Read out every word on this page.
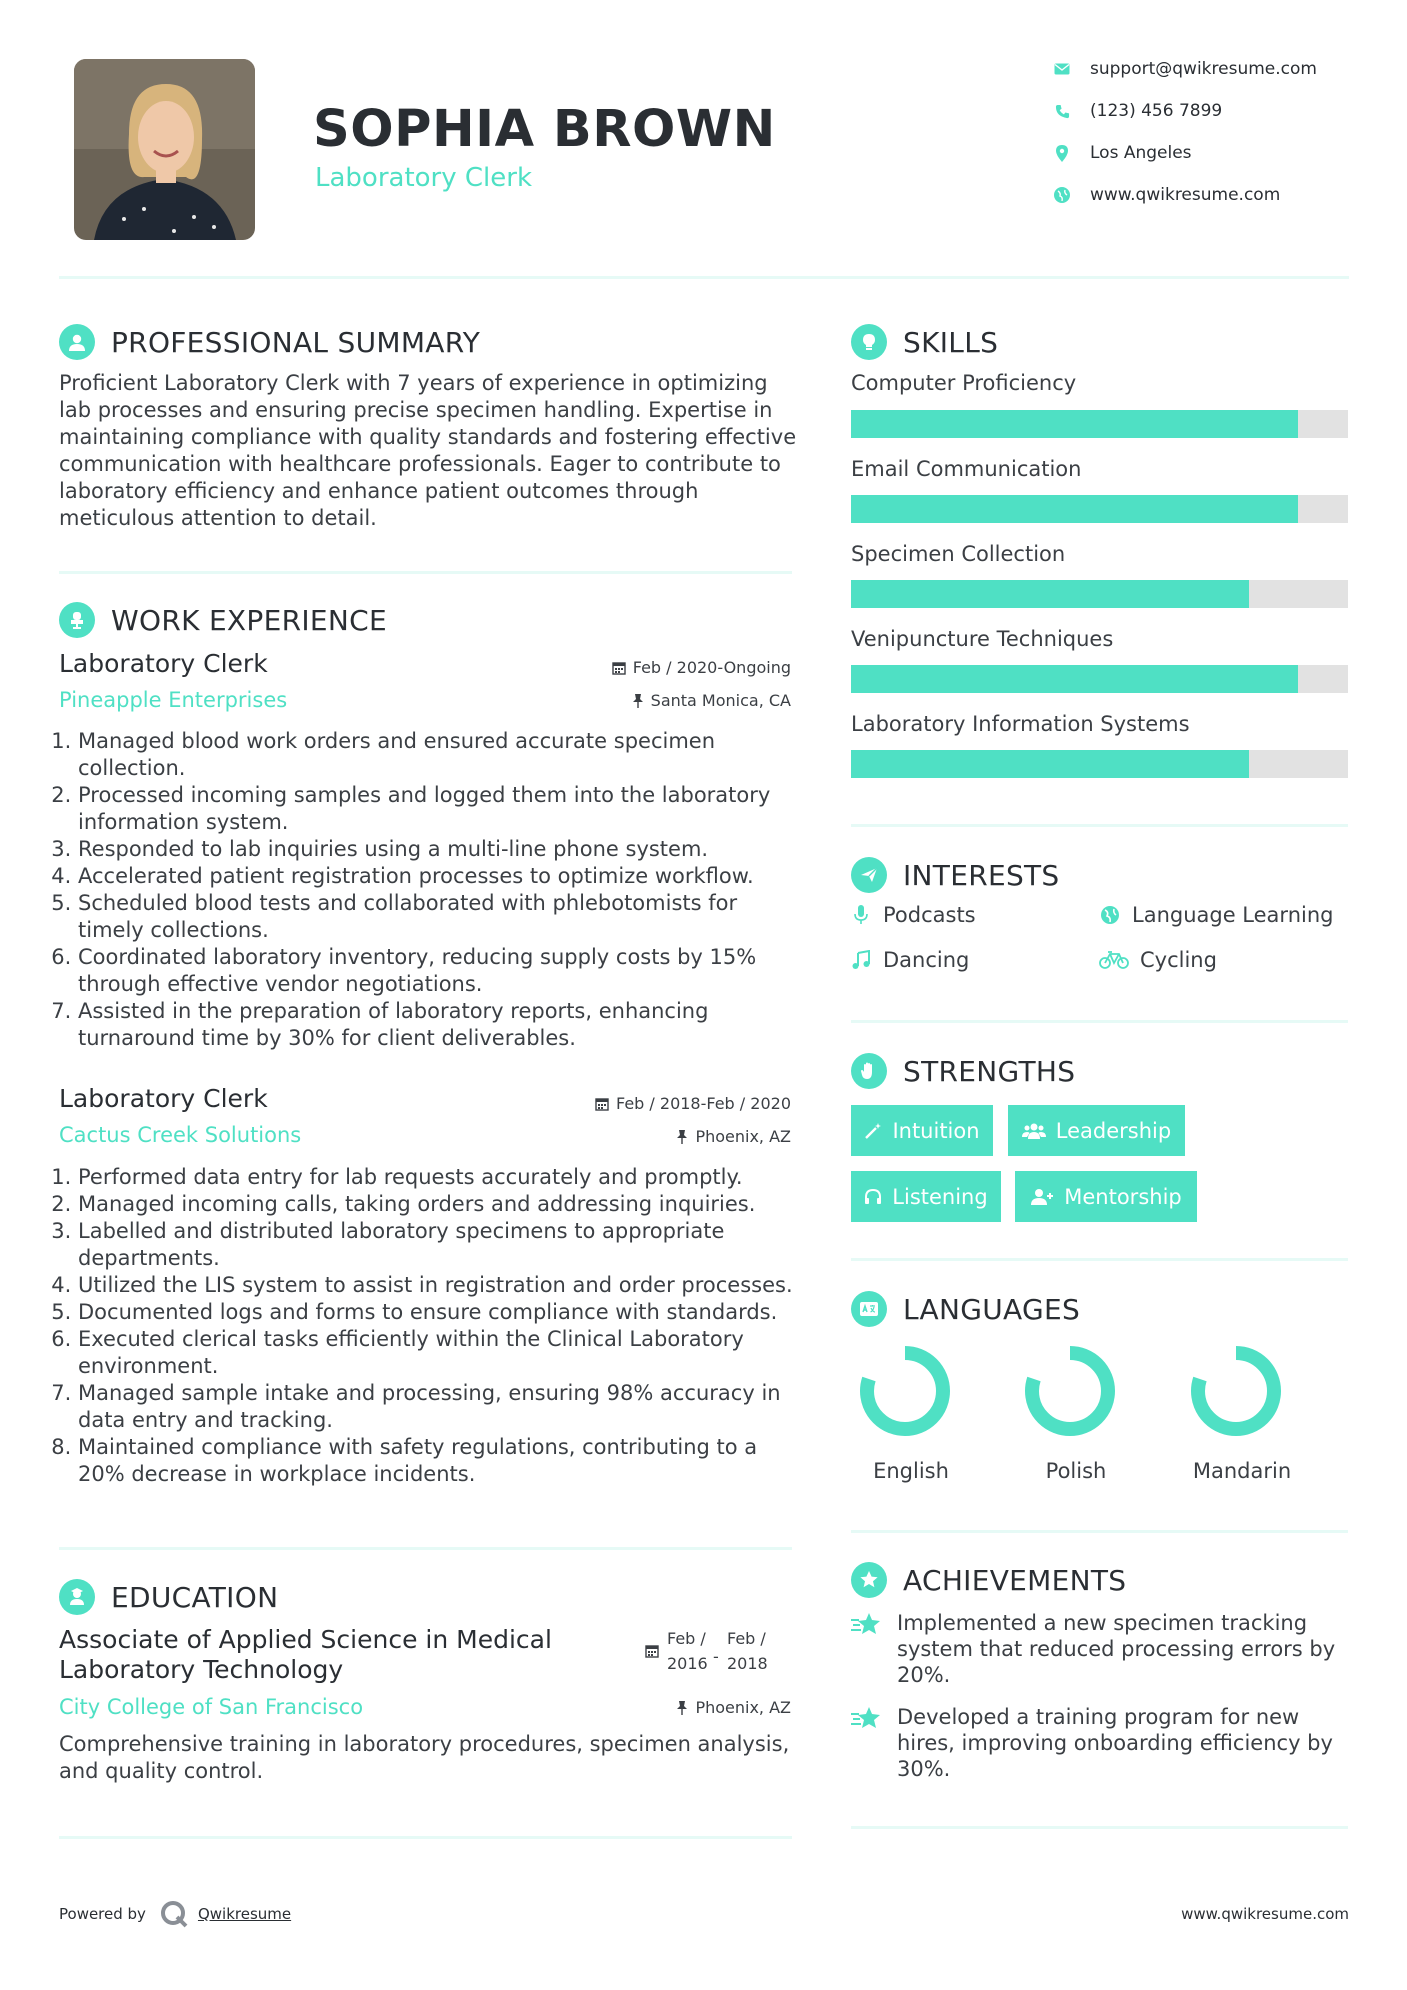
SOPHIA BROWN
Laboratory Clerk
support@qwikresume.com
(123) 456 7899
Los Angeles
www.qwikresume.com
PROFESSIONAL SUMMARY
Proficient Laboratory Clerk with 7 years of experience in optimizing lab processes and ensuring precise specimen handling. Expertise in maintaining compliance with quality standards and fostering effective communication with healthcare professionals. Eager to contribute to laboratory efficiency and enhance patient outcomes through meticulous attention to detail.
WORK EXPERIENCE
Laboratory Clerk
Pineapple Enterprises
Feb / 2020-Ongoing
Santa Monica, CA
1. Managed blood work orders and ensured accurate specimen collection.
2. Processed incoming samples and logged them into the laboratory information system.
3. Responded to lab inquiries using a multi-line phone system.
4. Accelerated patient registration processes to optimize workflow.
5. Scheduled blood tests and collaborated with phlebotomists for timely collections.
6. Coordinated laboratory inventory, reducing supply costs by 15% through effective vendor negotiations.
7. Assisted in the preparation of laboratory reports, enhancing turnaround time by 30% for client deliverables.
Laboratory Clerk
Cactus Creek Solutions
Feb / 2018-Feb / 2020
Phoenix, AZ
1. Performed data entry for lab requests accurately and promptly.
2. Managed incoming calls, taking orders and addressing inquiries.
3. Labelled and distributed laboratory specimens to appropriate departments.
4. Utilized the LIS system to assist in registration and order processes.
5. Documented logs and forms to ensure compliance with standards.
6. Executed clerical tasks efficiently within the Clinical Laboratory environment.
7. Managed sample intake and processing, ensuring 98% accuracy in data entry and tracking.
8. Maintained compliance with safety regulations, contributing to a 20% decrease in workplace incidents.
EDUCATION
Associate of Applied Science in Medical Laboratory Technology
City College of San Francisco
Feb /
2016 -
Feb /
2018
Phoenix, AZ
Comprehensive training in laboratory procedures, specimen analysis, and quality control.
SKILLS
Computer Proficiency
Email Communication
Specimen Collection
Venipuncture Techniques
Laboratory Information Systems
INTERESTS
Podcasts	Language Learning
Dancing	Cycling
STRENGTHS
Intuition	Leadership
Listening	Mentorship
LANGUAGES
English	Polish	Mandarin
ACHIEVEMENTS
Implemented a new specimen tracking system that reduced processing errors by 20%.
Developed a training program for new hires, improving onboarding efficiency by 30%.
Powered by	Qwikresume	www.qwikresume.com
